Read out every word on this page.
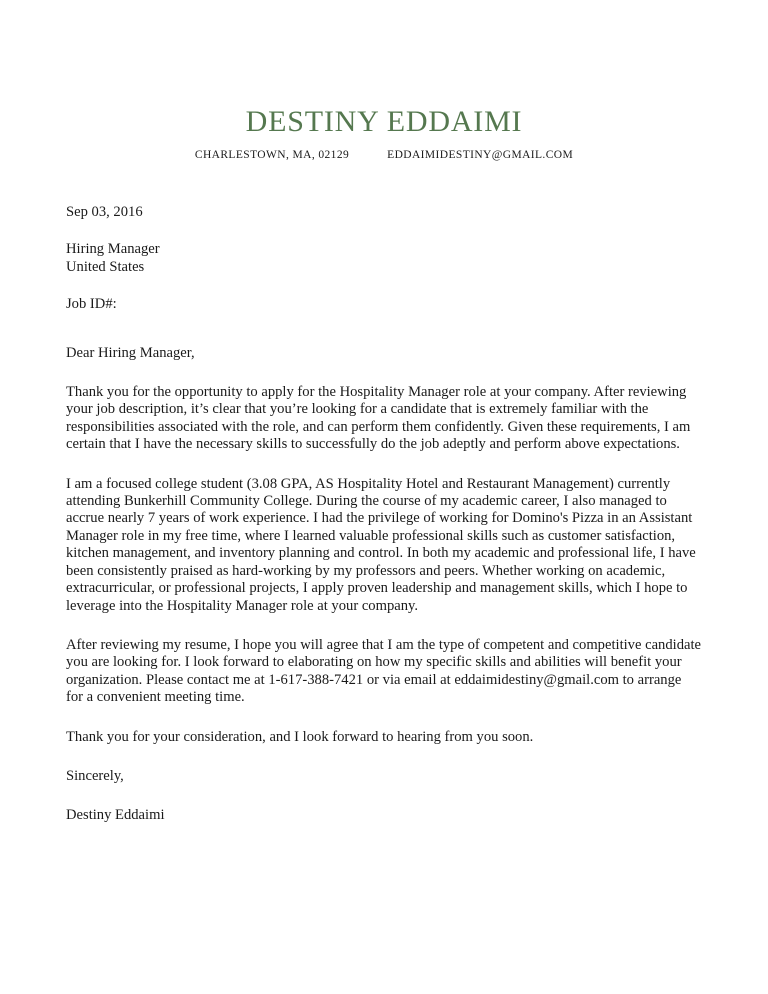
DESTINY EDDAIMI
CHARLESTOWN, MA, 02129	EDDAIMIDESTINY@GMAIL.COM
Sep 03, 2016
Hiring Manager
United States
Job ID#:
Dear Hiring Manager,

Thank you for the opportunity to apply for the Hospitality Manager role at your company. After reviewing your job description, it’s clear that you’re looking for a candidate that is extremely familiar with the responsibilities associated with the role, and can perform them confidently. Given these requirements, I am certain that I have the necessary skills to successfully do the job adeptly and perform above expectations.

I am a focused college student (3.08 GPA, AS Hospitality Hotel and Restaurant Management) currently attending Bunkerhill Community College. During the course of my academic career, I also managed to accrue nearly 7 years of work experience. I had the privilege of working for Domino's Pizza in an Assistant Manager role in my free time, where I learned valuable professional skills such as customer satisfaction, kitchen management, and inventory planning and control. In both my academic and professional life, I have been consistently praised as hard-working by my professors and peers. Whether working on academic, extracurricular, or professional projects, I apply proven leadership and management skills, which I hope to leverage into the Hospitality Manager role at your company.

After reviewing my resume, I hope you will agree that I am the type of competent and competitive candidate you are looking for. I look forward to elaborating on how my specific skills and abilities will benefit your organization. Please contact me at 1-617-388-7421 or via email at eddaimidestiny@gmail.com to arrange for a convenient meeting time.

Thank you for your consideration, and I look forward to hearing from you soon.
Sincerely,
Destiny Eddaimi
